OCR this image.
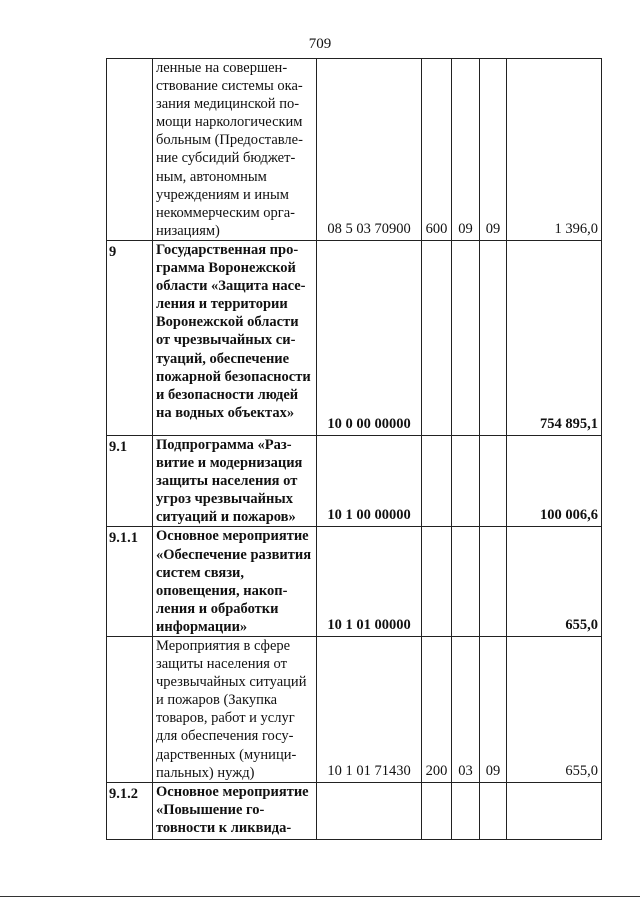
709
	ленные на совершенствование системы оказания медицинской помощи наркологическим больным (Предоставление субсидий бюджетным, автономным учреждениям и иным некоммерческим организациям)	08 5 03 70900	600	09	09	1 396,0
9	Государственная программа Воронежской области «Защита населения и территории Воронежской области от чрезвычайных ситуаций, обеспечение пожарной безопасности и безопасности людей на водных объектах»	10 0 00 00000				754 895,1
9.1	Подпрограмма «Развитие и модернизация защиты населения от угроз чрезвычайных ситуаций и пожаров»	10 1 00 00000				100 006,6
9.1.1	Основное мероприятие «Обеспечение развития систем связи, оповещения, накопления и обработки информации»	10 1 01 00000				655,0
	Мероприятия в сфере защиты населения от чрезвычайных ситуаций и пожаров (Закупка товаров, работ и услуг для обеспечения государственных (муниципальных) нужд)	10 1 01 71430	200	03	09	655,0
9.1.2	Основное мероприятие «Повышение готовности к ликвида-					
